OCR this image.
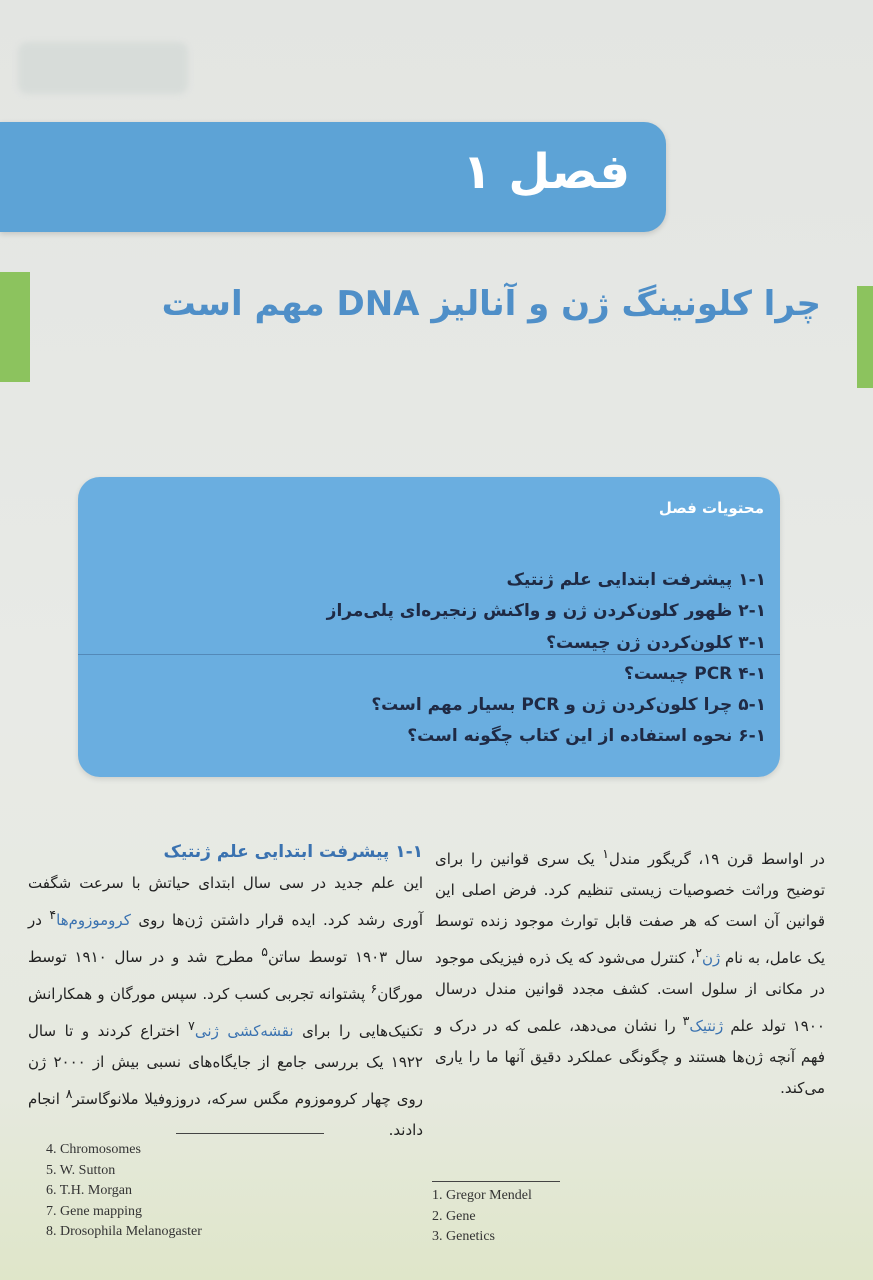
فصل ۱
چرا کلونینگ ژن و آنالیز DNA مهم است
محتویات فصل
۱-۱ پیشرفت ابتدایی علم ژنتیک
۲-۱ ظهور کلون‌کردن ژن و واکنش زنجیره‌ای پلی‌مراز
۳-۱ کلون‌کردن ژن چیست؟
۴-۱ PCR چیست؟
۵-۱ چرا کلون‌کردن ژن و PCR بسیار مهم است؟
۶-۱ نحوه استفاده از این کتاب چگونه است؟

در اواسط قرن ۱۹، گریگور مندل$^۱$ یک سری قوانین را برای توضیح وراثت خصوصیات زیستی تنظیم کرد. فرض اصلی این قوانین آن است که هر صفت قابل توارث موجود زنده توسط یک عامل، به نام ژن$^۲$، کنترل می‌شود که یک ذره فیزیکی موجود در مکانی از سلول است. کشف مجدد قوانین مندل درسال ۱۹۰۰ تولد علم ژنتیک$^۳$ را نشان می‌دهد، علمی که در درک و فهم آنچه ژن‌ها هستند و چگونگی عملکرد دقیق آنها ما را یاری می‌کند.

۱-۱ پیشرفت ابتدایی علم ژنتیک

این علم جدید در سی سال ابتدای حیاتش با سرعت شگفت آوری رشد کرد. ایده قرار داشتن ژن‌ها روی کروموزوم‌ها$^۴$ در سال ۱۹۰۳ توسط ساتن$^۵$ مطرح شد و در سال ۱۹۱۰ توسط مورگان$^۶$ پشتوانه تجربی کسب کرد. سپس مورگان و همکارانش تکنیک‌هایی را برای نقشه‌کشی ژنی$^۷$ اختراع کردند و تا سال ۱۹۲۲ یک بررسی جامع از جایگاه‌های نسبی بیش از ۲۰۰۰ ژن روی چهار کروموزوم مگس سرکه، دروزوفیلا ملانوگاستر$^۸$ انجام دادند.

4. Chromosomes
5. W. Sutton
6. T.H. Morgan
7. Gene mapping
8. Drosophila Melanogaster
1. Gregor Mendel
2. Gene
3. Genetics
